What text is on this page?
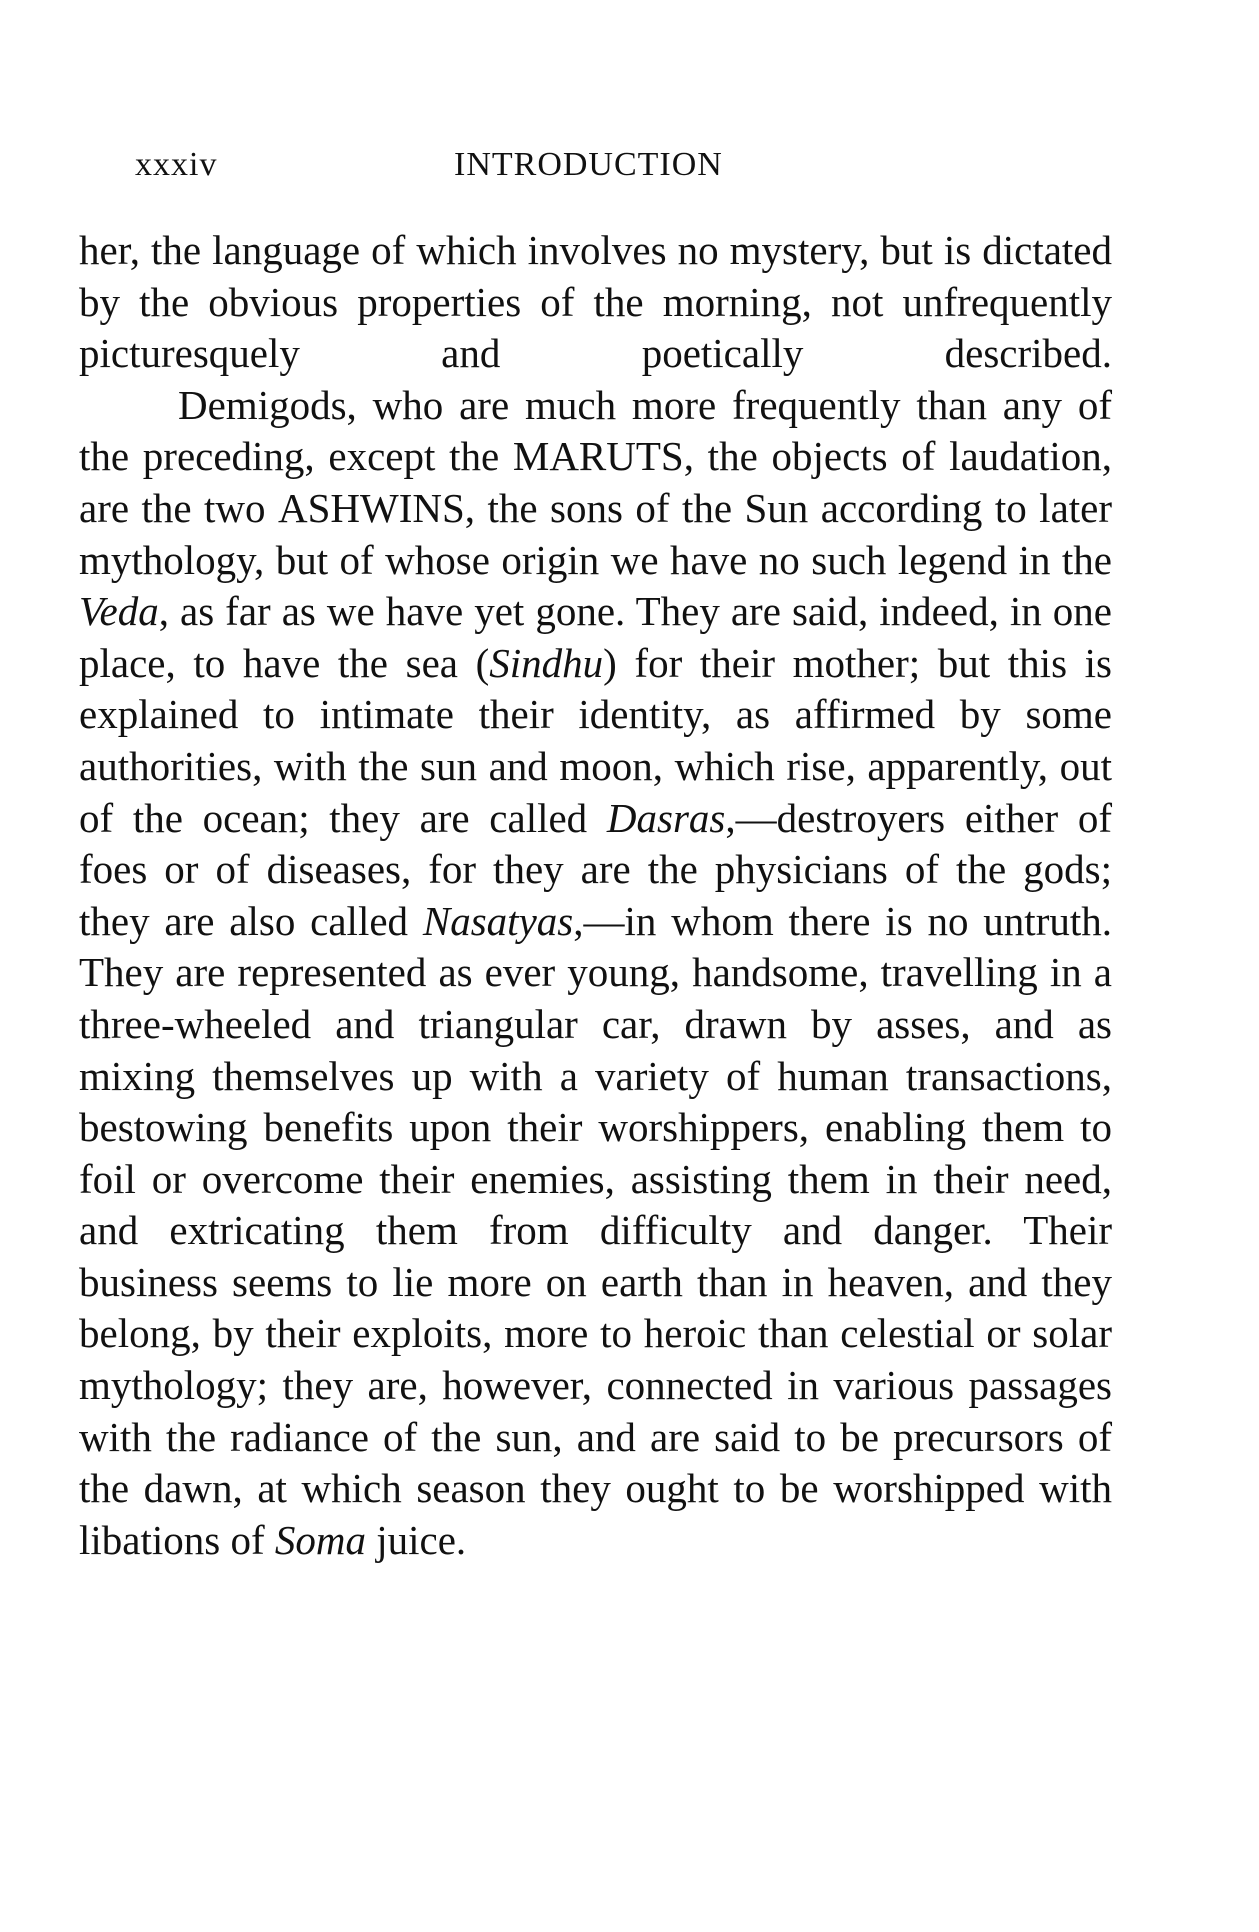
xxxiv	INTRODUCTION

her, the language of which involves no mystery, but is dictated by the obvious properties of the morning, not unfrequently picturesquely and poetically described.

Demigods, who are much more frequently than any of the preceding, except the MARUTS, the objects of laudation, are the two ASHWINS, the sons of the Sun according to later mythology, but of whose origin we have no such legend in the Veda, as far as we have yet gone. They are said, indeed, in one place, to have the sea (Sindhu) for their mother; but this is explained to intimate their identity, as affirmed by some authorities, with the sun and moon, which rise, apparently, out of the ocean; they are called Dasras,—destroyers either of foes or of diseases, for they are the physicians of the gods; they are also called Nasatyas,—in whom there is no untruth. They are represented as ever young, handsome, travelling in a three-wheeled and triangular car, drawn by asses, and as mixing themselves up with a variety of human transactions, bestowing benefits upon their worshippers, enabling them to foil or overcome their enemies, assisting them in their need, and extricating them from difficulty and danger. Their business seems to lie more on earth than in heaven, and they belong, by their exploits, more to heroic than celestial or solar mythology; they are, however, connected in various passages with the radiance of the sun, and are said to be precursors of the dawn, at which season they ought to be worshipped with libations of Soma juice.
